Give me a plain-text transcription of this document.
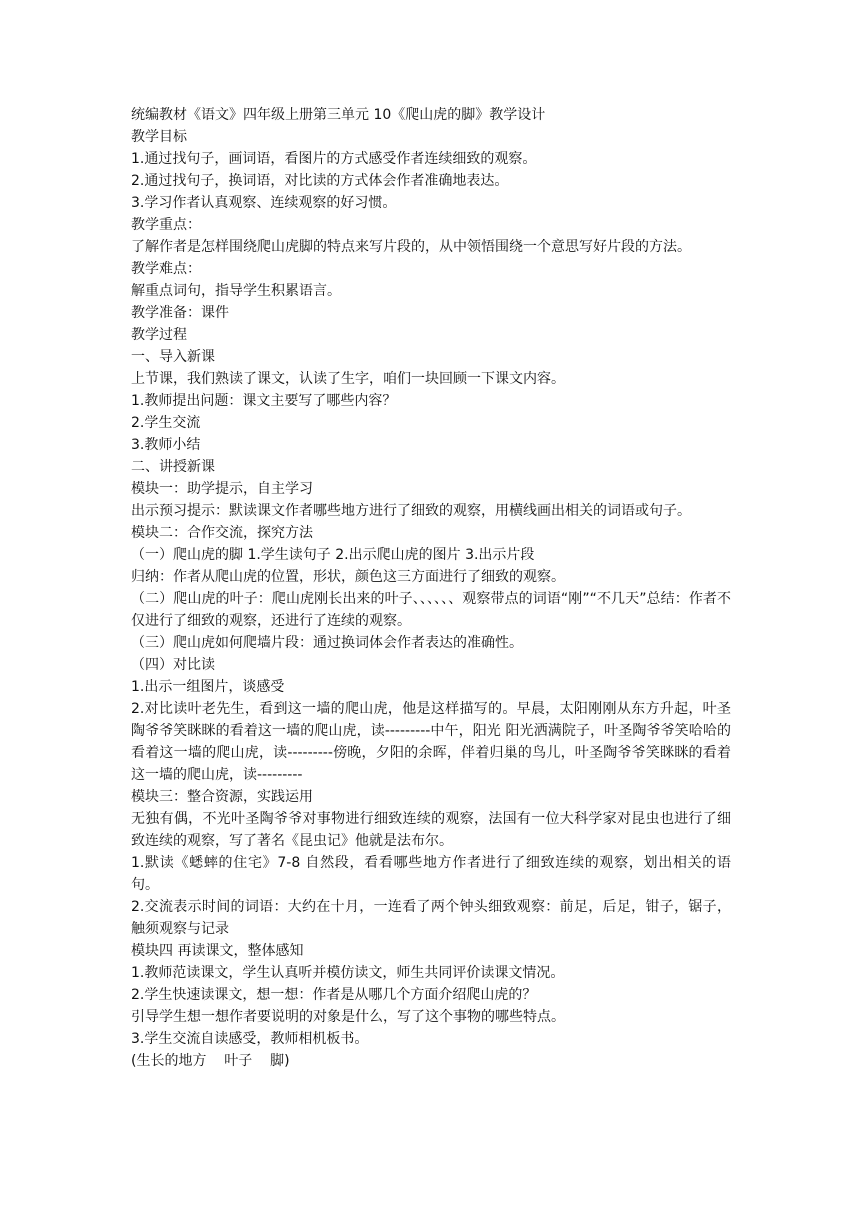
统编教材《语文》四年级上册第三单元 10《爬山虎的脚》教学设计

教学目标

1.通过找句子，画词语，看图片的方式感受作者连续细致的观察。

2.通过找句子，换词语，对比读的方式体会作者准确地表达。

3.学习作者认真观察、连续观察的好习惯。

教学重点：

了解作者是怎样围绕爬山虎脚的特点来写片段的，从中领悟围绕一个意思写好片段的方法。

教学难点：

解重点词句，指导学生积累语言。

教学准备：课件

教学过程

一、导入新课

上节课，我们熟读了课文，认读了生字，咱们一块回顾一下课文内容。

1.教师提出问题：课文主要写了哪些内容？

2.学生交流

3.教师小结

二、讲授新课

模块一：助学提示，自主学习

出示预习提示：默读课文作者哪些地方进行了细致的观察，用横线画出相关的词语或句子。

模块二：合作交流，探究方法

（一）爬山虎的脚 1.学生读句子 2.出示爬山虎的图片 3.出示片段

归纳：作者从爬山虎的位置，形状，颜色这三方面进行了细致的观察。

（二）爬山虎的叶子：爬山虎刚长出来的叶子、、、、、、观察带点的词语“刚”“不几天”总结：作者不仅进行了细致的观察，还进行了连续的观察。

（三）爬山虎如何爬墙片段：通过换词体会作者表达的准确性。

（四）对比读

1.出示一组图片，谈感受

2.对比读叶老先生，看到这一墙的爬山虎，他是这样描写的。早晨，太阳刚刚从东方升起，叶圣陶爷爷笑眯眯的看着这一墙的爬山虎，读---------中午，阳光 阳光洒满院子，叶圣陶爷爷笑哈哈的看着这一墙的爬山虎，读---------傍晚，夕阳的余晖，伴着归巢的鸟儿，叶圣陶爷爷笑眯眯的看着这一墙的爬山虎，读---------

模块三：整合资源，实践运用

无独有偶，不光叶圣陶爷爷对事物进行细致连续的观察，法国有一位大科学家对昆虫也进行了细致连续的观察，写了著名《昆虫记》他就是法布尔。

1.默读《蟋蟀的住宅》7-8 自然段，看看哪些地方作者进行了细致连续的观察，划出相关的语句。

2.交流表示时间的词语：大约在十月，一连看了两个钟头细致观察：前足，后足，钳子，锯子，触须观察与记录

模块四 再读课文，整体感知

1.教师范读课文，学生认真听并模仿读文，师生共同评价读课文情况。

2.学生快速读课文，想一想：作者是从哪几个方面介绍爬山虎的？

引导学生想一想作者要说明的对象是什么，写了这个事物的哪些特点。

3.学生交流自读感受，教师相机板书。

(生长的地方    叶子    脚)
